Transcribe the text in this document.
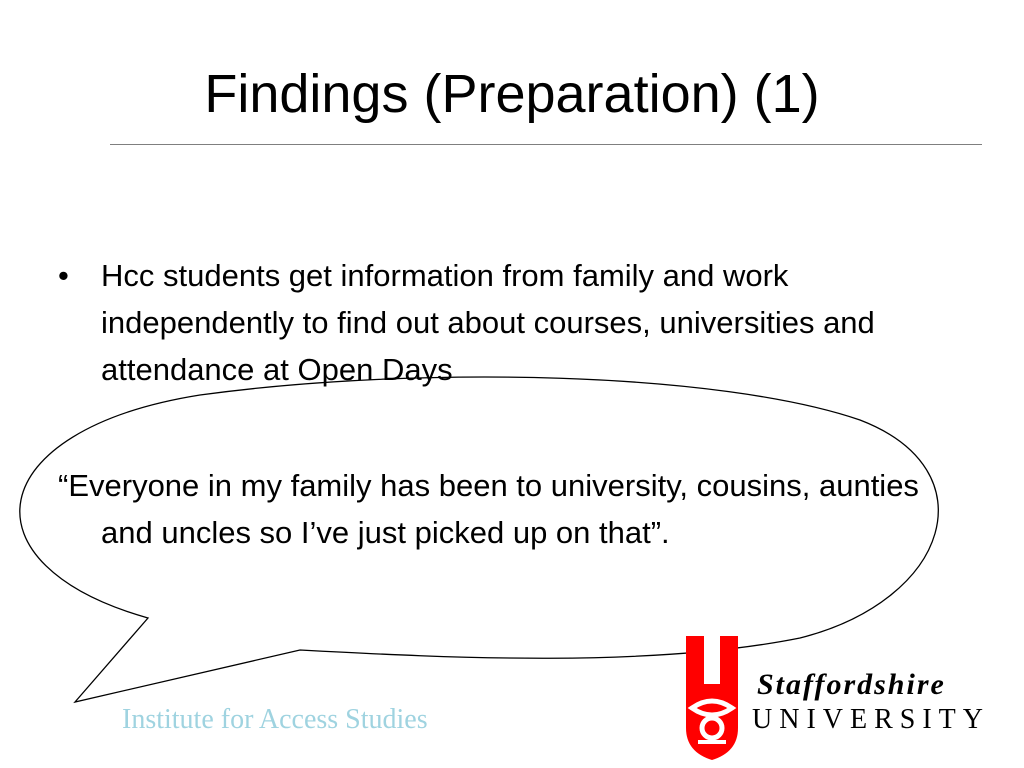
Findings (Preparation) (1)
•	Hcc students get information from family and work independently to find out about courses, universities and attendance at Open Days
“Everyone in my family has been to university, cousins, aunties and uncles so I’ve just picked up on that”.
Institute for Access Studies
Staffordshire
UNIVERSITY
